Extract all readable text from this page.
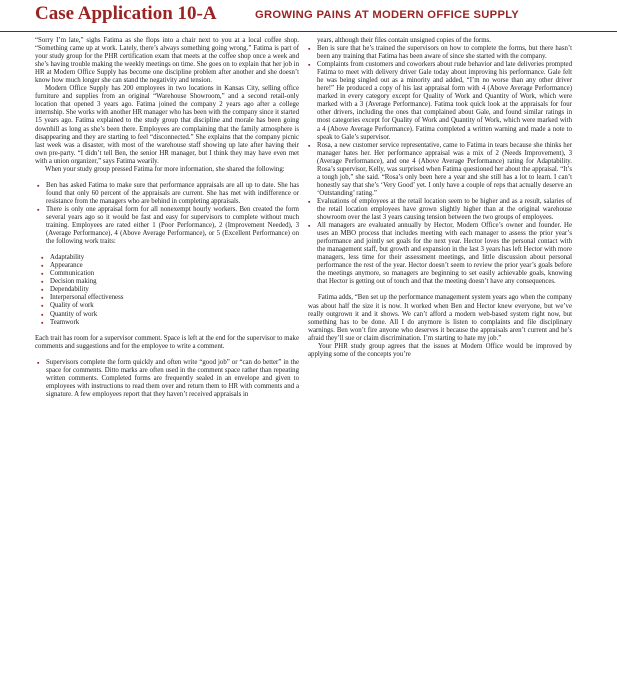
Case Application 10-A	GROWING PAINS AT MODERN OFFICE SUPPLY

“Sorry I’m late,” sighs Fatima as she flops into a chair next to you at a local coffee shop. “Something came up at work. Lately, there’s always something going wrong.” Fatima is part of your study group for the PHR certification exam that meets at the coffee shop once a week and she’s having trouble making the weekly meetings on time. She goes on to explain that her job in HR at Modern Office Supply has become one discipline problem after another and she doesn’t know how much longer she can stand the negativity and tension.

Modern Office Supply has 200 employees in two locations in Kansas City, selling office furniture and supplies from an original “Warehouse Showroom,” and a second retail-only location that opened 3 years ago. Fatima joined the company 2 years ago after a college internship. She works with another HR manager who has been with the company since it started 15 years ago. Fatima explained to the study group that discipline and morale has been going downhill as long as she’s been there. Employees are complaining that the family atmosphere is disappearing and they are starting to feel “disconnected.” She explains that the company picnic last week was a disaster, with most of the warehouse staff showing up late after having their own pre-party. “I didn’t tell Ben, the senior HR manager, but I think they may have even met with a union organizer,” says Fatima wearily.

When your study group pressed Fatima for more information, she shared the following:

▪ Ben has asked Fatima to make sure that performance appraisals are all up to date. She has found that only 60 percent of the appraisals are current. She has met with indifference or resistance from the managers who are behind in completing appraisals.
▪ There is only one appraisal form for all nonexempt hourly workers. Ben created the form several years ago so it would be fast and easy for supervisors to complete without much training. Employees are rated either 1 (Poor Performance), 2 (Improvement Needed), 3 (Average Performance), 4 (Above Average Performance), or 5 (Excellent Performance) on the following work traits:
▪ Adaptability
▪ Appearance
▪ Communication
▪ Decision making
▪ Dependability
▪ Interpersonal effectiveness
▪ Quality of work
▪ Quantity of work
▪ Teamwork

Each trait has room for a supervisor comment. Space is left at the end for the supervisor to make comments and suggestions and for the employee to write a comment.

▪ Supervisors complete the form quickly and often write “good job” or “can do better” in the space for comments. Ditto marks are often used in the comment space rather than repeating written comments. Completed forms are frequently sealed in an envelope and given to employees with instructions to read them over and return them to HR with comments and a signature. A few employees report that they haven’t received appraisals in

years, although their files contain unsigned copies of the forms.

▪ Ben is sure that he’s trained the supervisors on how to complete the forms, but there hasn’t been any training that Fatima has been aware of since she started with the company.
▪ Complaints from customers and coworkers about rude behavior and late deliveries prompted Fatima to meet with delivery driver Gale today about improving his performance. Gale felt he was being singled out as a minority and added, “I’m no worse than any other driver here!” He produced a copy of his last appraisal form with 4 (Above Average Performance) marked in every category except for Quality of Work and Quantity of Work, which were marked with a 3 (Average Performance). Fatima took quick look at the appraisals for four other drivers, including the ones that complained about Gale, and found similar ratings in most categories except for Quality of Work and Quantity of Work, which were marked with a 4 (Above Average Performance). Fatima completed a written warning and made a note to speak to Gale’s supervisor.
▪ Rosa, a new customer service representative, came to Fatima in tears because she thinks her manager hates her. Her performance appraisal was a mix of 2 (Needs Improvement), 3 (Average Performance), and one 4 (Above Average Performance) rating for Adaptability. Rosa’s supervisor, Kelly, was surprised when Fatima questioned her about the appraisal. “It’s a tough job,” she said. “Rosa’s only been here a year and she still has a lot to learn. I can’t honestly say that she’s ‘Very Good’ yet. I only have a couple of reps that actually deserve an ‘Outstanding’ rating.”
▪ Evaluations of employees at the retail location seem to be higher and as a result, salaries of the retail location employees have grown slightly higher than at the original warehouse showroom over the last 3 years causing tension between the two groups of employees.
▪ All managers are evaluated annually by Hector, Modern Office’s owner and founder. He uses an MBO process that includes meeting with each manager to assess the prior year’s performance and jointly set goals for the next year. Hector loves the personal contact with the management staff, but growth and expansion in the last 3 years has left Hector with more managers, less time for their assessment meetings, and little discussion about personal performance the rest of the year. Hector doesn’t seem to review the prior year’s goals before the meetings anymore, so managers are beginning to set easily achievable goals, knowing that Hector is getting out of touch and that the meeting doesn’t have any consequences.

Fatima adds, “Ben set up the performance management system years ago when the company was about half the size it is now. It worked when Ben and Hector knew everyone, but we’ve really outgrown it and it shows. We can’t afford a modern web-based system right now, but something has to be done. All I do anymore is listen to complaints and file disciplinary warnings. Ben won’t fire anyone who deserves it because the appraisals aren’t current and he’s afraid they’ll sue or claim discrimination. I’m starting to hate my job.”

Your PHR study group agrees that the issues at Modern Office would be improved by applying some of the concepts you’re
